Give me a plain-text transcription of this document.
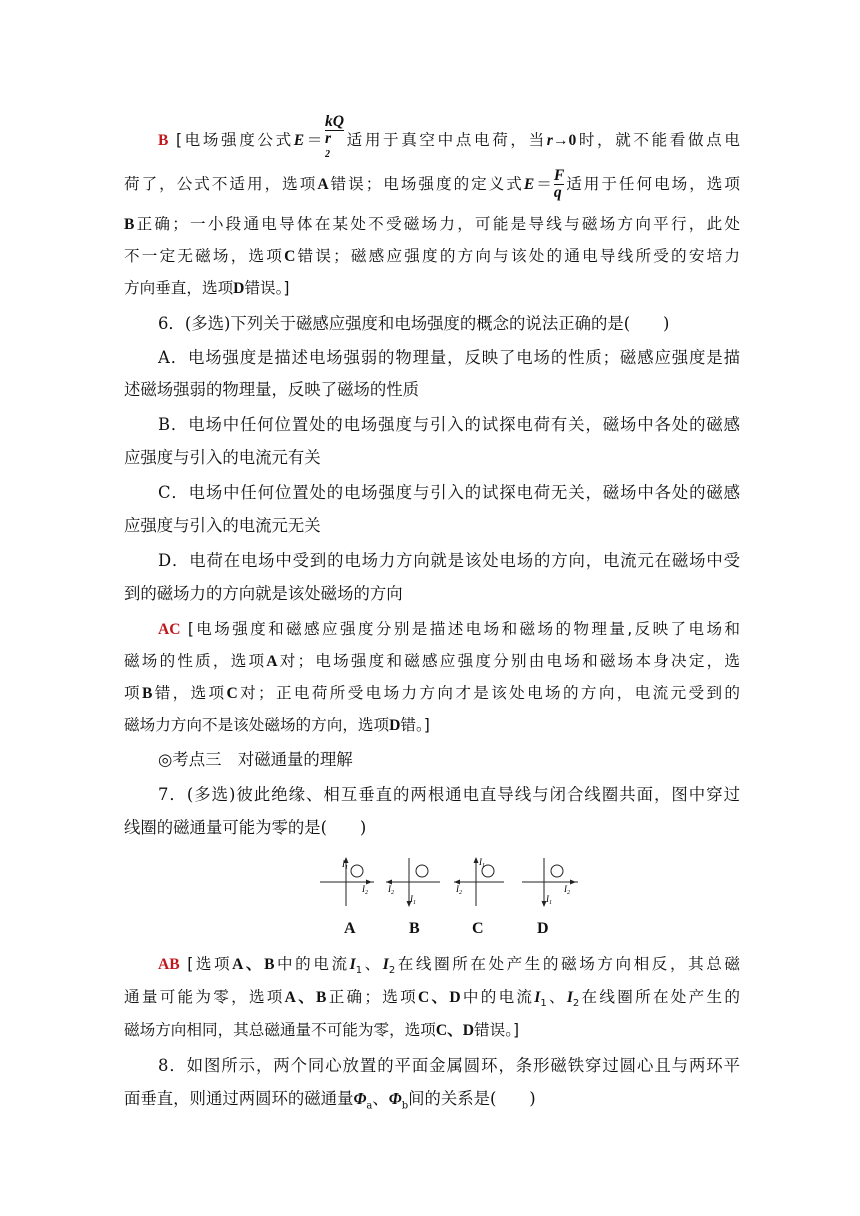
B [电场强度公式E＝ kQ
r
$^2$ 适用于真空中点电荷，当r→0时，就不能看做点电
荷了，公式不适用，选项A错误；电场强度的定义式$E= \frac{F}{q}$ 适用于任何电场，选项
B正确；一小段通电导体在某处不受磁场力，可能是导线与磁场方向平行，此处
不一定无磁场，选项C错误；磁感应强度的方向与该处的通电导线所受的安培力
方向垂直，选项D错误。]
6．(多选)下列关于磁感应强度和电场强度的概念的说法正确的是(　　)
A．电场强度是描述电场强弱的物理量，反映了电场的性质；磁感应强度是描
述磁场强弱的物理量，反映了磁场的性质
B．电场中任何位置处的电场强度与引入的试探电荷有关，磁场中各处的磁感
应强度与引入的电流元有关
C．电场中任何位置处的电场强度与引入的试探电荷无关，磁场中各处的磁感
应强度与引入的电流元无关
D．电荷在电场中受到的电场力方向就是该处电场的方向，电流元在磁场中受
到的磁场力的方向就是该处磁场的方向
AC [电场强度和磁感应强度分别是描述电场和磁场的物理量,反映了电场和
磁场的性质，选项A对；电场强度和磁感应强度分别由电场和磁场本身决定，选
项B错，选项C对；正电荷所受电场力方向才是该处电场的方向，电流元受到的
磁场力方向不是该处磁场的方向，选项D错。]
◎考点三　对磁通量的理解
7．(多选)彼此绝缘、相互垂直的两根通电直导线与闭合线圈共面，图中穿过
线圈的磁通量可能为零的是(　　)
I 1
I 2 I 2
I 1
I 1
I 2	I 2
I 1
A	B	C	D
AB [选项A、B中的电流$I_1$、$I_2$在线圈所在处产生的磁场方向相反，其总磁
通量可能为零，选项A、B正确；选项C、D中的电流$I_1$、$I_2$在线圈所在处产生的
磁场方向相同，其总磁通量不可能为零，选项C、D错误。]
8．如图所示，两个同心放置的平面金属圆环，条形磁铁穿过圆心且与两环平
面垂直，则通过两圆环的磁通量$\Phi_a$、$\Phi_b$间的关系是(　　)
